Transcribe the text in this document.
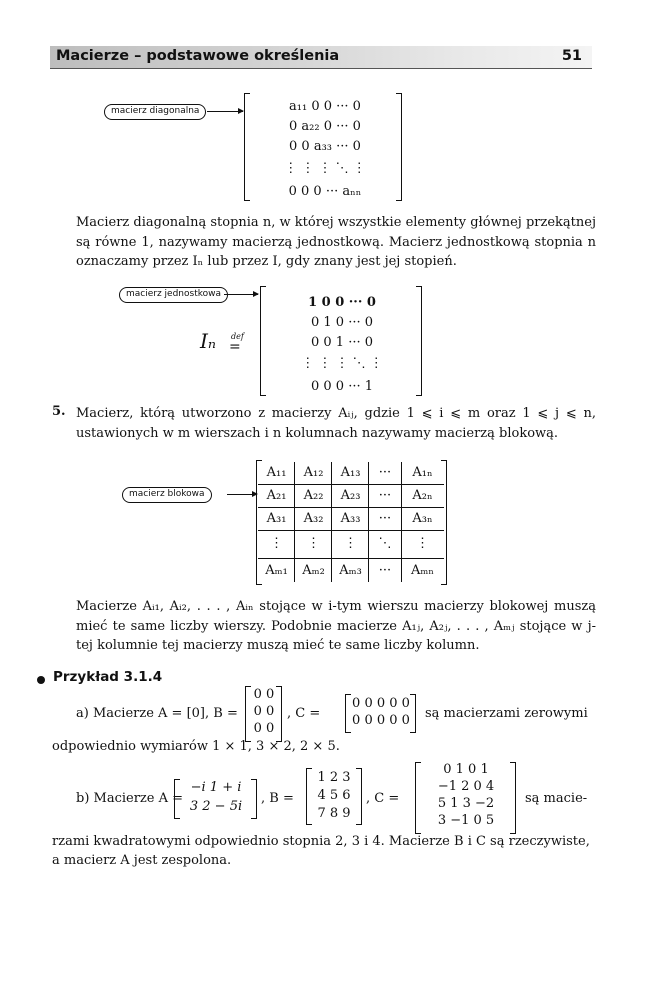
Macierze – podstawowe określenia	51
macierz diagonalna	a₁₁ 0 0 ··· 0
0 a₂₂ 0 ··· 0
0 0 a₃₃ ··· 0
⋮ ⋮ ⋮ ⋱ ⋮
0 0 0 ··· aₙₙ

Macierz diagonalną stopnia n, w której wszystkie elementy głównej przekątnej są równe 1, nazywamy macierzą jednostkową. Macierz jednostkową stopnia n oznaczamy przez Iₙ lub przez I, gdy znany jest jej stopień.

macierz jednostkowa
Iₙ def
=
1 0 0 ··· 0
0 1 0 ··· 0
0 0 1 ··· 0
⋮ ⋮ ⋮ ⋱ ⋮
0 0 0 ··· 1
5. Macierz, którą utworzono z macierzy Aᵢⱼ, gdzie 1 ⩽ i ⩽ m oraz 1 ⩽ j ⩽ n, ustawionych w m wierszach i n kolumnach nazywamy macierzą blokową.

macierz blokowa
A₁₁	A₁₂	A₁₃	···	A₁ₙ
A₂₁	A₂₂	A₂₃	···	A₂ₙ
A₃₁	A₃₂	A₃₃	···	A₃ₙ
⋮	⋮	⋮	⋱	⋮
Aₘ₁	Aₘ₂	Aₘ₃	···	Aₘₙ

Macierze Aᵢ₁, Aᵢ₂, . . . , Aᵢₙ stojące w i-tym wierszu macierzy blokowej muszą mieć te same liczby wierszy. Podobnie macierze A₁ⱼ, A₂ⱼ, . . . , Aₘⱼ stojące w j-tej kolumnie tej macierzy muszą mieć te same liczby kolumn.

Przykład 3.1.4
a) Macierze A = [0], B =
0 0
0 0
0 0
, C =
0 0 0 0 0
0 0 0 0 0 są macierzami zerowymi
odpowiednio wymiarów 1 × 1, 3 × 2, 2 × 5.
b) Macierze A =
−i 1 + i
3 2 − 5i
, B =
1 2 3
4 5 6
7 8 9
, C =
0 1 0 1
−1 2 0 4
5 1 3 −2
3 −1 0 5
są macie-
rzami kwadratowymi odpowiednio stopnia 2, 3 i 4. Macierze B i C są rzeczywiste,
a macierz A jest zespolona.
